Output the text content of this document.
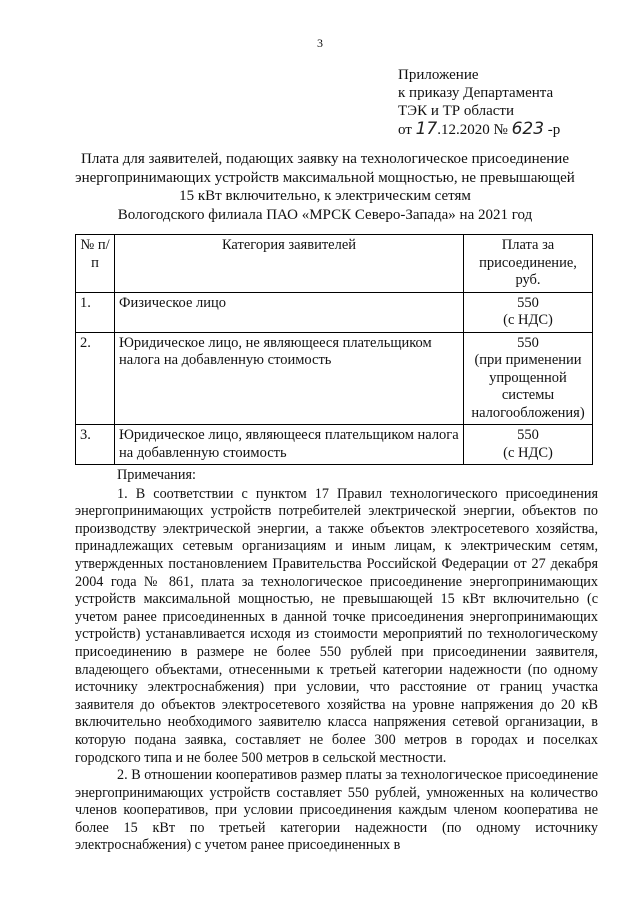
3
Приложение
к приказу Департамента
ТЭК и ТР области
от 17.12.2020 № 623 -р
Плата для заявителей, подающих заявку на технологическое присоединение
энергопринимающих устройств максимальной мощностью, не превышающей
15 кВт включительно, к электрическим сетям
Вологодского филиала ПАО «МРСК Северо-Запада» на 2021 год
№ п/п	Категория заявителей	Плата за присоединение, руб.
1.	Физическое лицо	550
(с НДС)

2.	Юридическое лицо, не являющееся плательщиком налога на добавленную стоимость	550
(при применении упрощенной системы налогообложения)

3.	Юридическое лицо, являющееся плательщиком налога на добавленную стоимость	550
(с НДС)

Примечания:

1. В соответствии с пунктом 17 Правил технологического присоединения энергопринимающих устройств потребителей электрической энергии, объектов по производству электрической энергии, а также объектов электросетевого хозяйства, принадлежащих сетевым организациям и иным лицам, к электрическим сетям, утвержденных постановлением Правительства Российской Федерации от 27 декабря 2004 года № 861, плата за технологическое присоединение энергопринимающих устройств максимальной мощностью, не превышающей 15 кВт включительно (с учетом ранее присоединенных в данной точке присоединения энергопринимающих устройств) устанавливается исходя из стоимости мероприятий по технологическому присоединению в размере не более 550 рублей при присоединении заявителя, владеющего объектами, отнесенными к третьей категории надежности (по одному источнику электроснабжения) при условии, что расстояние от границ участка заявителя до объектов электросетевого хозяйства на уровне напряжения до 20 кВ включительно необходимого заявителю класса напряжения сетевой организации, в которую подана заявка, составляет не более 300 метров в городах и поселках городского типа и не более 500 метров в сельской местности.

2. В отношении кооперативов размер платы за технологическое присоединение энергопринимающих устройств составляет 550 рублей, умноженных на количество членов кооперативов, при условии присоединения каждым членом кооператива не более 15 кВт по третьей категории надежности (по одному источнику электроснабжения) с учетом ранее присоединенных в
